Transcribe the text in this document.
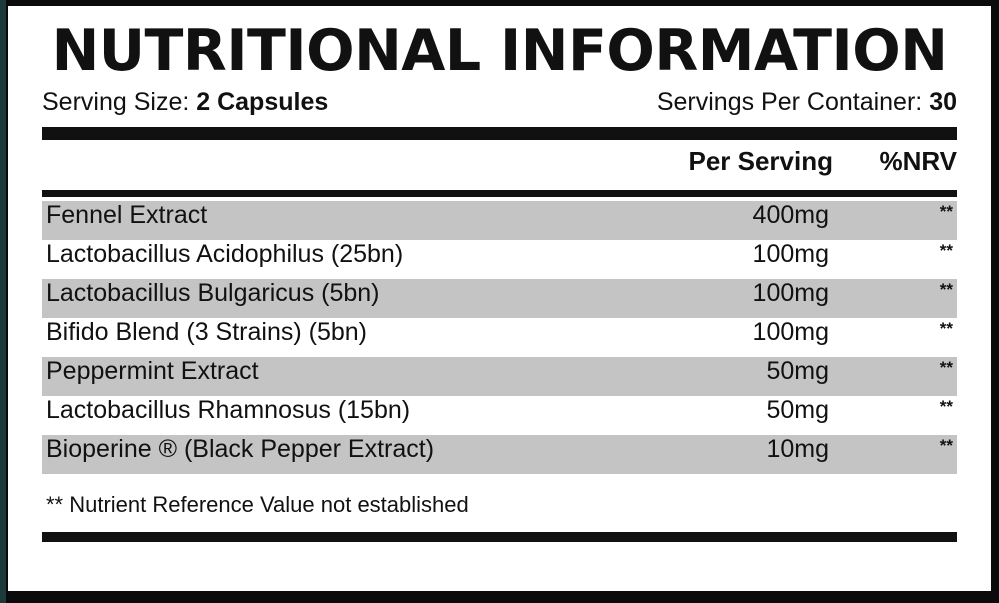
NUTRITIONAL INFORMATION
Serving Size: 2 Capsules	Servings Per Container: 30
Per Serving	%NRV
Fennel Extract	400mg	**
Lactobacillus Acidophilus (25bn)	100mg	**
Lactobacillus Bulgaricus (5bn)	100mg	**
Bifido Blend (3 Strains) (5bn)	100mg	**
Peppermint Extract	50mg	**
Lactobacillus Rhamnosus (15bn)	50mg	**
Bioperine ® (Black Pepper Extract)	10mg	**
** Nutrient Reference Value not established
